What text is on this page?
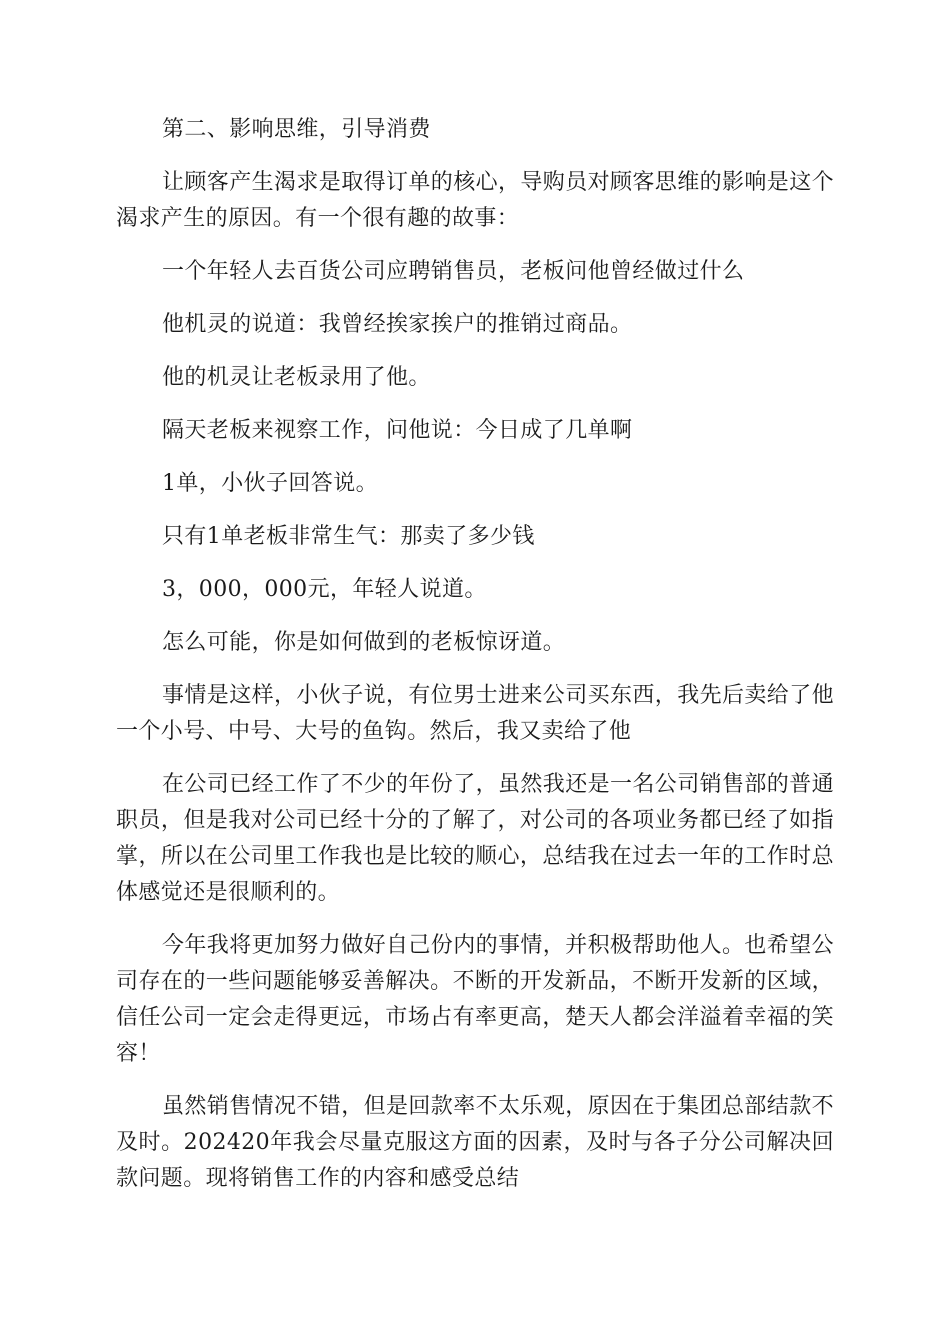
第二、影响思维，引导消费

让顾客产生渴求是取得订单的核心，导购员对顾客思维的影响是这个渴求产生的原因。有一个很有趣的故事：

一个年轻人去百货公司应聘销售员，老板问他曾经做过什么

他机灵的说道：我曾经挨家挨户的推销过商品。

他的机灵让老板录用了他。

隔天老板来视察工作，问他说：今日成了几单啊

1单，小伙子回答说。

只有1单老板非常生气：那卖了多少钱

3，000，000元，年轻人说道。

怎么可能，你是如何做到的老板惊讶道。

事情是这样，小伙子说，有位男士进来公司买东西，我先后卖给了他一个小号、中号、大号的鱼钩。然后，我又卖给了他

在公司已经工作了不少的年份了，虽然我还是一名公司销售部的普通职员，但是我对公司已经十分的了解了，对公司的各项业务都已经了如指掌，所以在公司里工作我也是比较的顺心，总结我在过去一年的工作时总体感觉还是很顺利的。

今年我将更加努力做好自己份内的事情，并积极帮助他人。也希望公司存在的一些问题能够妥善解决。不断的开发新品，不断开发新的区域，信任公司一定会走得更远，市场占有率更高，楚天人都会洋溢着幸福的笑容！

虽然销售情况不错，但是回款率不太乐观，原因在于集团总部结款不及时。202420年我会尽量克服这方面的因素，及时与各子分公司解决回款问题。现将销售工作的内容和感受总结
